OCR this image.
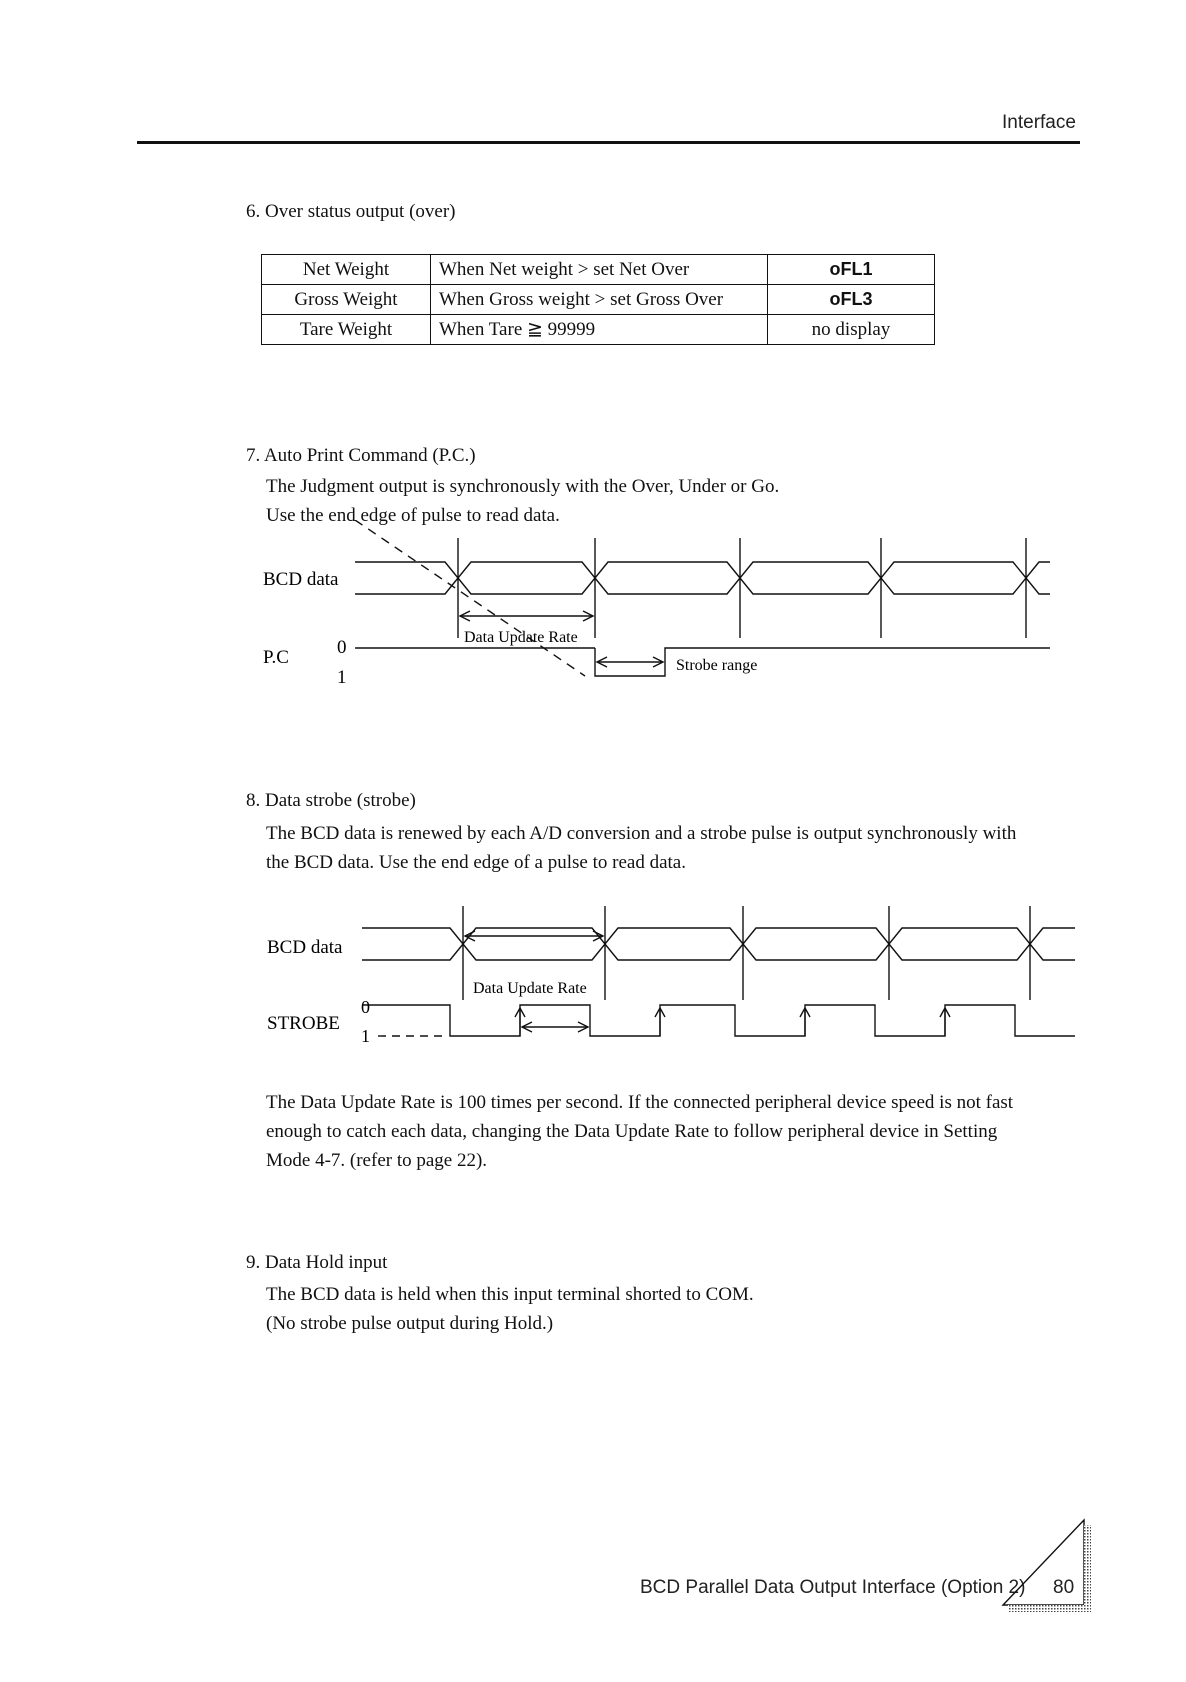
Interface
6. Over status output (over)
Net Weight	When Net weight > set Net Over	oFL1
Gross Weight	When Gross weight > set Gross Over	oFL3
Tare Weight	When Tare ≧ 99999	no display
7. Auto Print Command (P.C.)
The Judgment output is synchronously with the Over, Under or Go.
Use the end edge of pulse to read data.
BCD data
P.C	0
1
Data Update Rate
Strobe range
8. Data strobe (strobe)
The BCD data is renewed by each A/D conversion and a strobe pulse is output synchronously with
the BCD data. Use the end edge of a pulse to read data.
BCD data
STROBE
0
1
Data Update Rate
The Data Update Rate is 100 times per second. If the connected peripheral device speed is not fast
enough to catch each data, changing the Data Update Rate to follow peripheral device in Setting
Mode 4-7. (refer to page 22).
9. Data Hold input
The BCD data is held when this input terminal shorted to COM.
(No strobe pulse output during Hold.)
BCD Parallel Data Output Interface (Option 2) 80
